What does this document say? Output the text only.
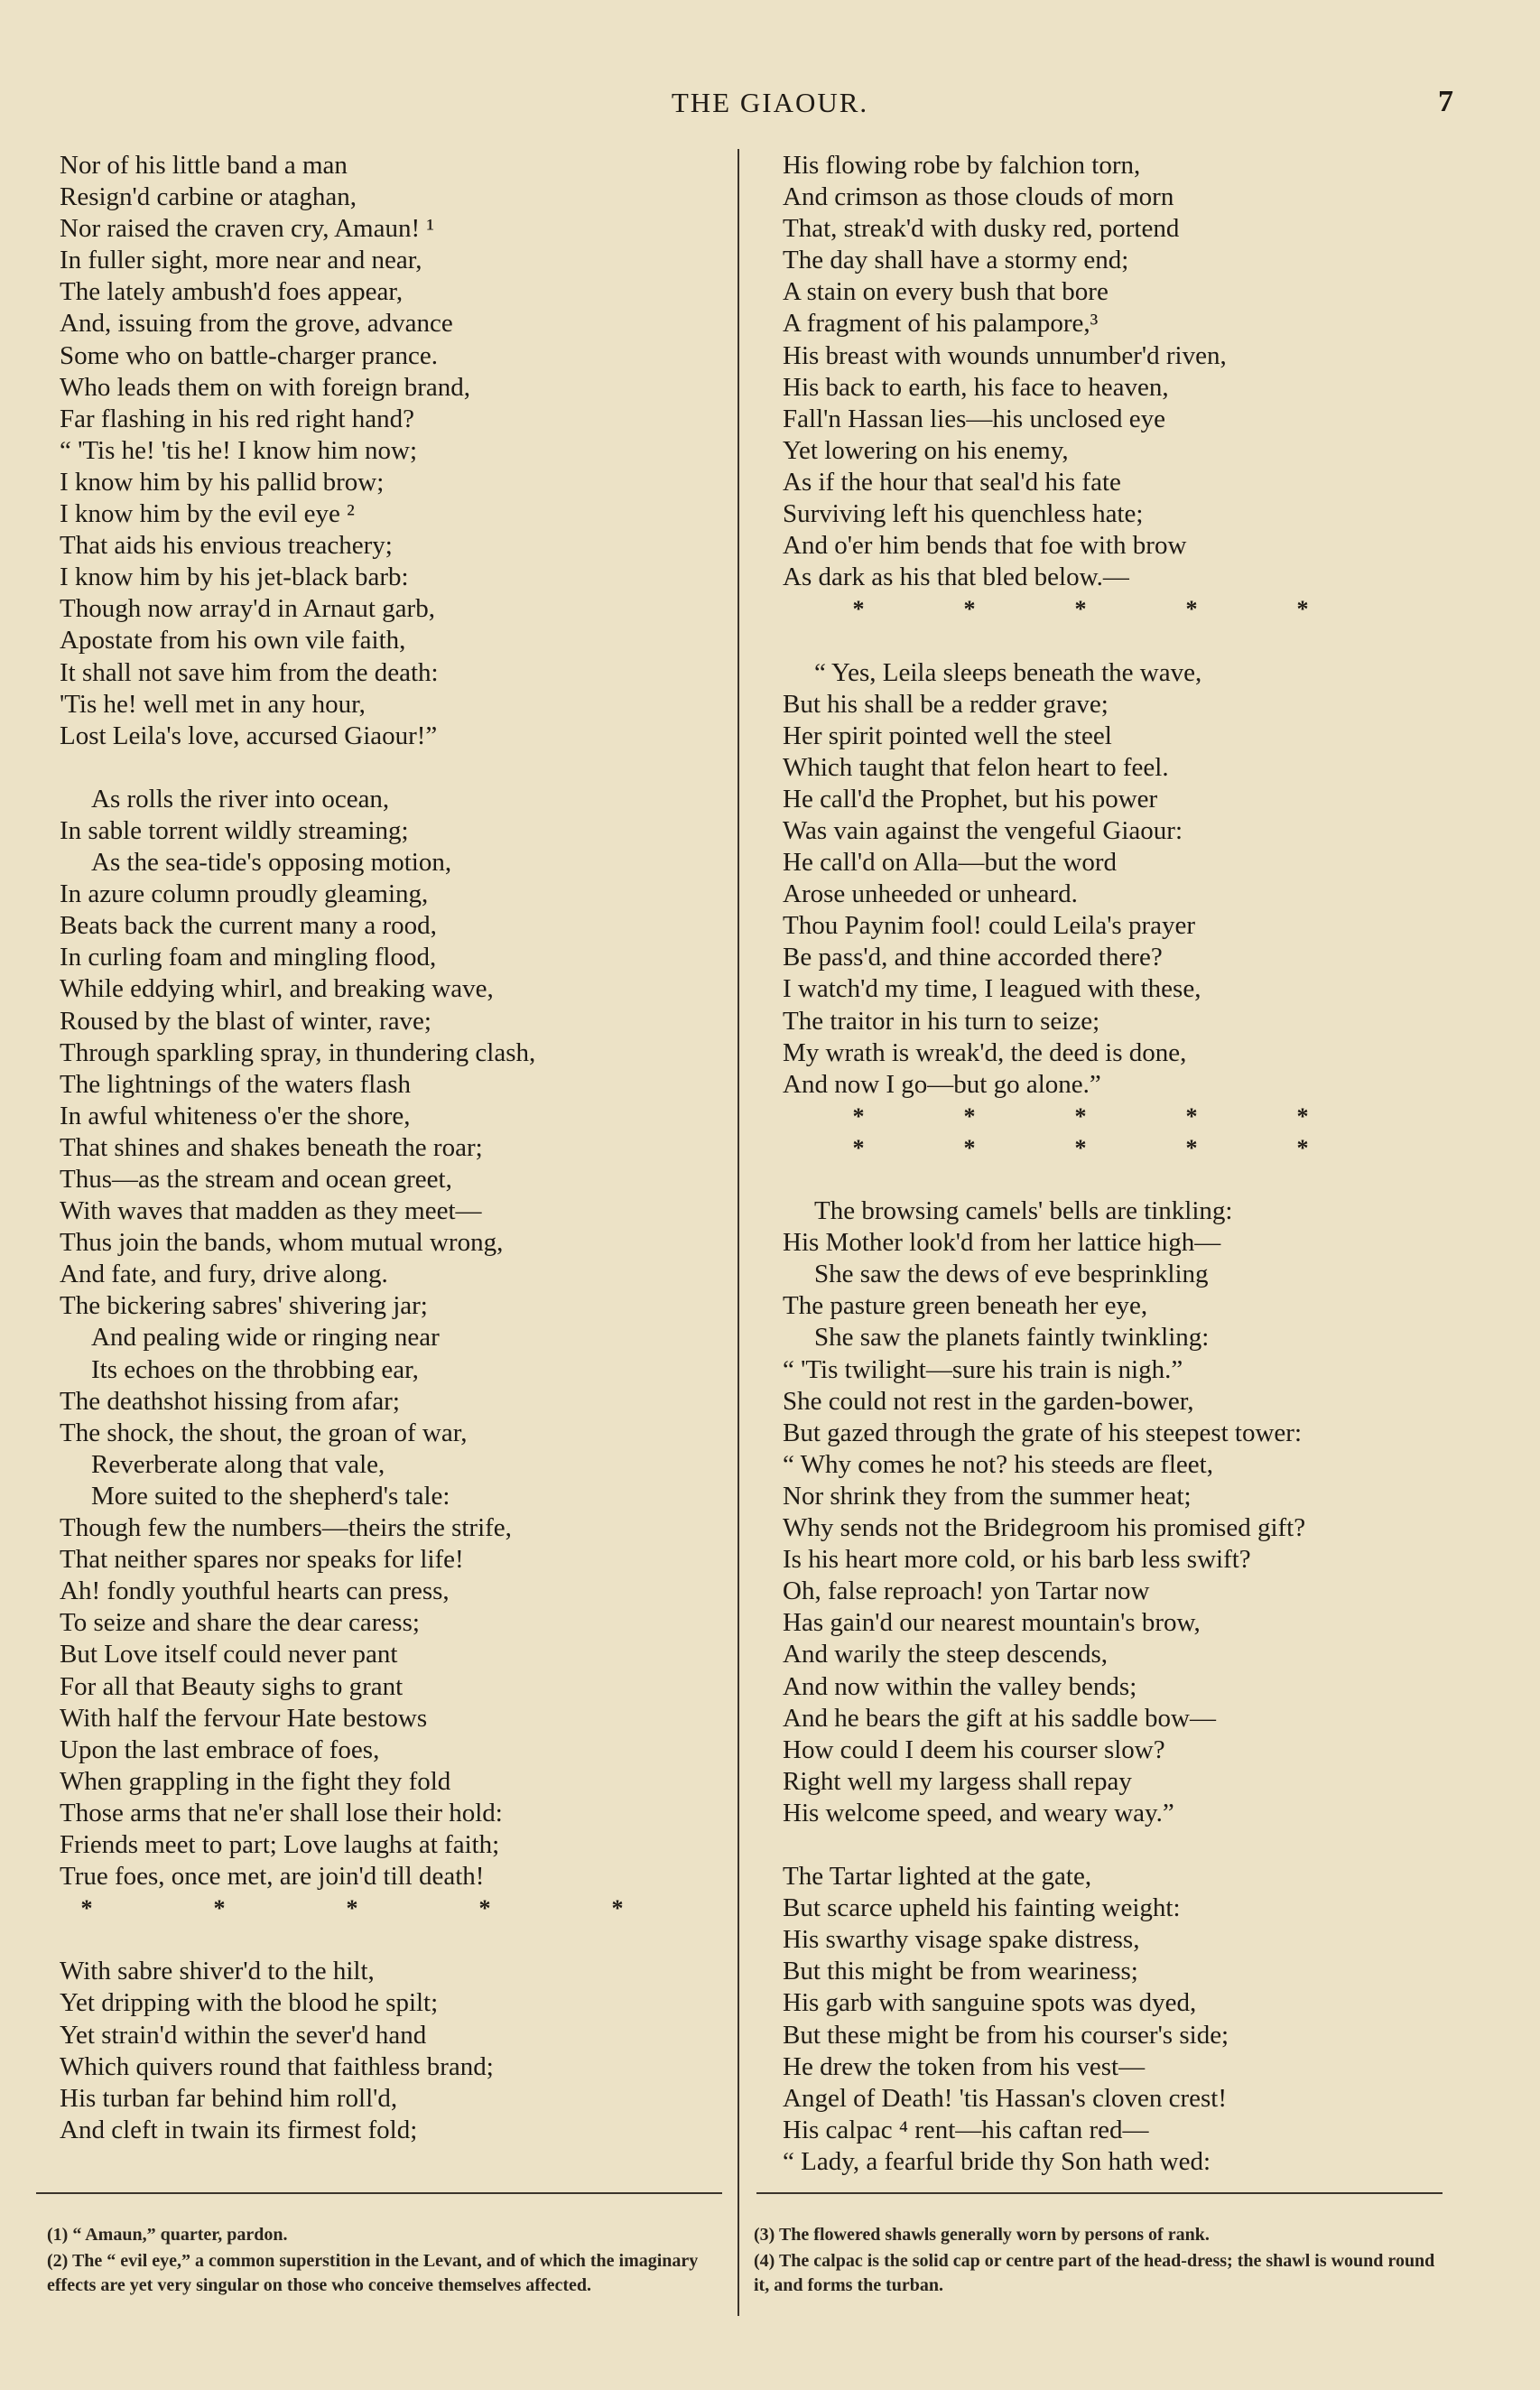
THE GIAOUR.	7
Nor of his little band a man
Resign'd carbine or ataghan,
Nor raised the craven cry, Amaun! ¹
In fuller sight, more near and near,
The lately ambush'd foes appear,
And, issuing from the grove, advance
Some who on battle-charger prance.
Who leads them on with foreign brand,
Far flashing in his red right hand?
“ 'Tis he! 'tis he! I know him now;
I know him by his pallid brow;
I know him by the evil eye ²
That aids his envious treachery;
I know him by his jet-black barb:
Though now array'd in Arnaut garb,
Apostate from his own vile faith,
It shall not save him from the death:
'Tis he! well met in any hour,
Lost Leila's love, accursed Giaour!”
As rolls the river into ocean,
In sable torrent wildly streaming;
As the sea-tide's opposing motion,
In azure column proudly gleaming,
Beats back the current many a rood,
In curling foam and mingling flood,
While eddying whirl, and breaking wave,
Roused by the blast of winter, rave;
Through sparkling spray, in thundering clash,
The lightnings of the waters flash
In awful whiteness o'er the shore,
That shines and shakes beneath the roar;
Thus—as the stream and ocean greet,
With waves that madden as they meet—
Thus join the bands, whom mutual wrong,
And fate, and fury, drive along.
The bickering sabres' shivering jar;
And pealing wide or ringing near
Its echoes on the throbbing ear,
The deathshot hissing from afar;
The shock, the shout, the groan of war,
Reverberate along that vale,
More suited to the shepherd's tale:
Though few the numbers—theirs the strife,
That neither spares nor speaks for life!
Ah! fondly youthful hearts can press,
To seize and share the dear caress;
But Love itself could never pant
For all that Beauty sighs to grant
With half the fervour Hate bestows
Upon the last embrace of foes,
When grappling in the fight they fold
Those arms that ne'er shall lose their hold:
Friends meet to part; Love laughs at faith;
True foes, once met, are join'd till death!
*	*	*	*	*
With sabre shiver'd to the hilt,
Yet dripping with the blood he spilt;
Yet strain'd within the sever'd hand
Which quivers round that faithless brand;
His turban far behind him roll'd,
And cleft in twain its firmest fold;
His flowing robe by falchion torn,
And crimson as those clouds of morn
That, streak'd with dusky red, portend
The day shall have a stormy end;
A stain on every bush that bore
A fragment of his palampore,³
His breast with wounds unnumber'd riven,
His back to earth, his face to heaven,
Fall'n Hassan lies—his unclosed eye
Yet lowering on his enemy,
As if the hour that seal'd his fate
Surviving left his quenchless hate;
And o'er him bends that foe with brow
As dark as his that bled below.—
*	*	*	*	*
“ Yes, Leila sleeps beneath the wave,
But his shall be a redder grave;
Her spirit pointed well the steel
Which taught that felon heart to feel.
He call'd the Prophet, but his power
Was vain against the vengeful Giaour:
He call'd on Alla—but the word
Arose unheeded or unheard.
Thou Paynim fool! could Leila's prayer
Be pass'd, and thine accorded there?
I watch'd my time, I leagued with these,
The traitor in his turn to seize;
My wrath is wreak'd, the deed is done,
And now I go—but go alone.”
*	*	*	*	*
*	*	*	*	*
The browsing camels' bells are tinkling:
His Mother look'd from her lattice high—
She saw the dews of eve besprinkling
The pasture green beneath her eye,
She saw the planets faintly twinkling:
“ 'Tis twilight—sure his train is nigh.”
She could not rest in the garden-bower,
But gazed through the grate of his steepest tower:
“ Why comes he not? his steeds are fleet,
Nor shrink they from the summer heat;
Why sends not the Bridegroom his promised gift?
Is his heart more cold, or his barb less swift?
Oh, false reproach! yon Tartar now
Has gain'd our nearest mountain's brow,
And warily the steep descends,
And now within the valley bends;
And he bears the gift at his saddle bow—
How could I deem his courser slow?
Right well my largess shall repay
His welcome speed, and weary way.”
The Tartar lighted at the gate,
But scarce upheld his fainting weight:
His swarthy visage spake distress,
But this might be from weariness;
His garb with sanguine spots was dyed,
But these might be from his courser's side;
He drew the token from his vest—
Angel of Death! 'tis Hassan's cloven crest!
His calpac ⁴ rent—his caftan red—
“ Lady, a fearful bride thy Son hath wed:
(1) “ Amaun,” quarter, pardon.
(2) The “ evil eye,” a common superstition in the Levant, and of which the imaginary effects are yet very singular on those who conceive themselves affected.
(3) The flowered shawls generally worn by persons of rank.
(4) The calpac is the solid cap or centre part of the head-dress; the shawl is wound round it, and forms the turban.
